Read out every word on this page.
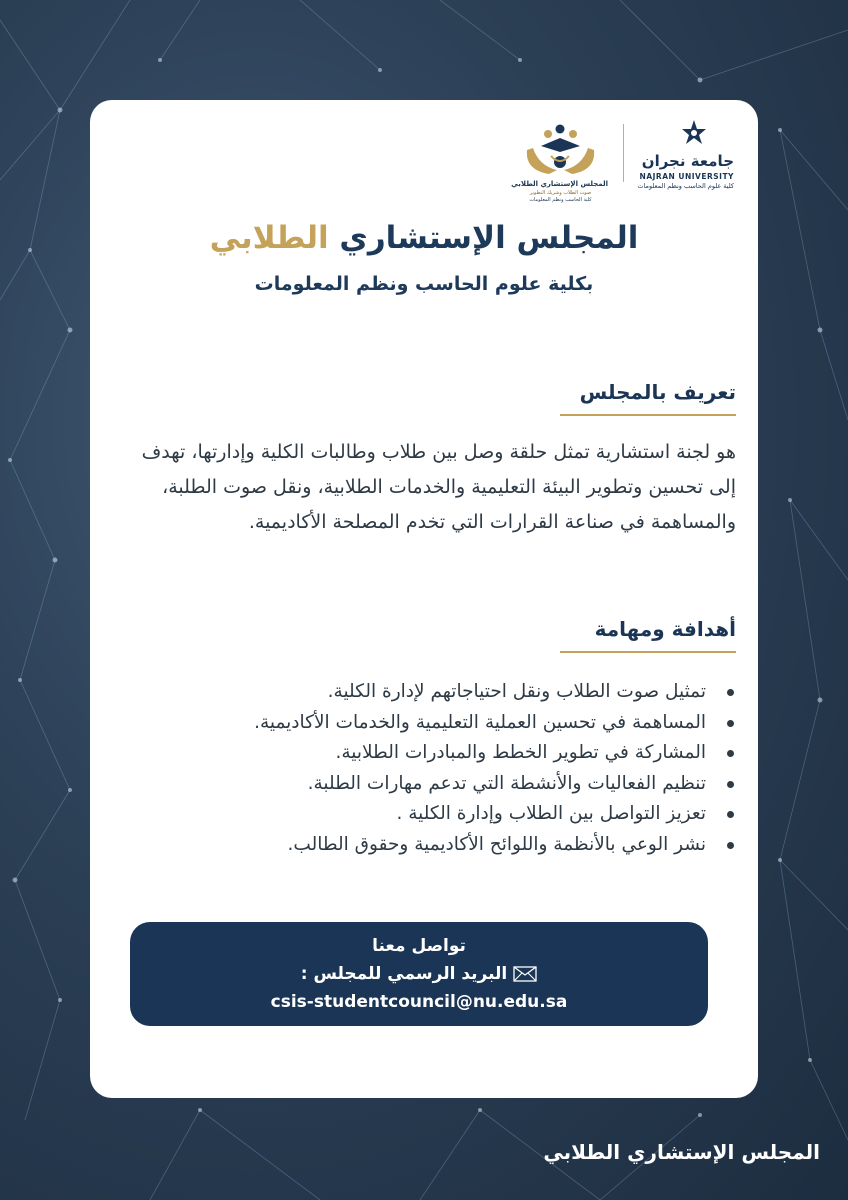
جامعة نجران
NAJRAN UNIVERSITY
كلية علوم الحاسب ونظم المعلومات
المجلس الإستشاري الطلابي
صوت الطلاب وشريك التطوير
كلية الحاسب ونظم المعلومات
المجلس الإستشاري الطلابي
بكلية علوم الحاسب ونظم المعلومات
تعريف بالمجلس
هو لجنة استشارية تمثل حلقة وصل بين طلاب وطالبات الكلية وإدارتها، تهدف إلى تحسين وتطوير البيئة التعليمية والخدمات الطلابية، ونقل صوت الطلبة، والمساهمة في صناعة القرارات التي تخدم المصلحة الأكاديمية.
أهدافة ومهامة
تمثيل صوت الطلاب ونقل احتياجاتهم لإدارة الكلية.
المساهمة في تحسين العملية التعليمية والخدمات الأكاديمية.
المشاركة في تطوير الخطط والمبادرات الطلابية.
تنظيم الفعاليات والأنشطة التي تدعم مهارات الطلبة.
تعزيز التواصل بين الطلاب وإدارة الكلية .
نشر الوعي بالأنظمة واللوائح الأكاديمية وحقوق الطالب.
تواصل معنا
البريد الرسمي للمجلس :
csis-studentcouncil@nu.edu.sa
المجلس الإستشاري الطلابي
